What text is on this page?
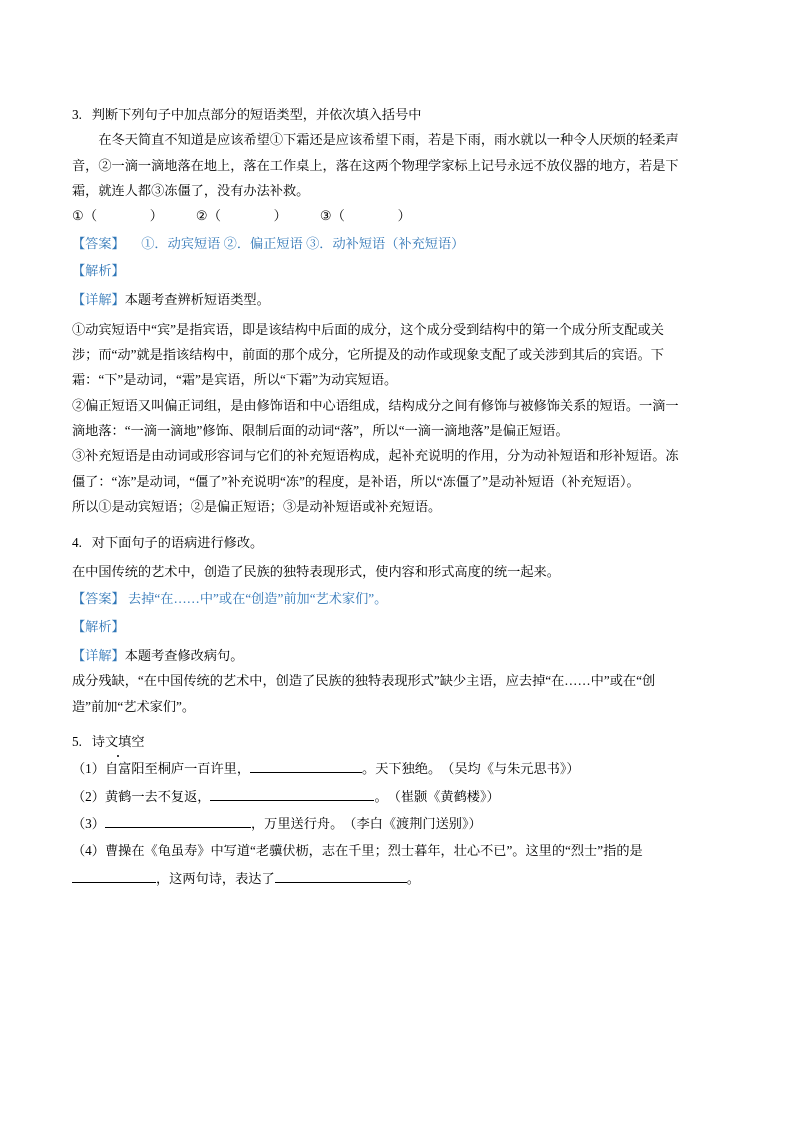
3. 判断下列句子中加点部分的短语类型，并依次填入括号中

在冬天简直不知道是应该希望①下霜还是应该希望下雨，若是下雨，雨水就以一种令人厌烦的轻柔声

音，②一滴一滴地落在地上，落在工作桌上，落在这两个物理学家标上记号永远不放仪器的地方，若是下

霜，就连人都③冻僵了，没有办法补救。

①（                ）          ②（                ）          ③（                ）

【答案】 ①．动宾短语 ②．偏正短语 ③．动补短语（补充短语）

【解析】

【详解】本题考查辨析短语类型。

①动宾短语中“宾”是指宾语，即是该结构中后面的成分，这个成分受到结构中的第一个成分所支配或关

涉；而“动”就是指该结构中，前面的那个成分，它所提及的动作或现象支配了或关涉到其后的宾语。下

霜：“下”是动词，“霜”是宾语，所以“下霜”为动宾短语。

②偏正短语又叫偏正词组，是由修饰语和中心语组成，结构成分之间有修饰与被修饰关系的短语。一滴一

滴地落：“一滴一滴地”修饰、限制后面的动词“落”，所以“一滴一滴地落”是偏正短语。

③补充短语是由动词或形容词与它们的补充短语构成，起补充说明的作用，分为动补短语和形补短语。冻

僵了：“冻”是动词，“僵了”补充说明“冻”的程度，是补语，所以“冻僵了”是动补短语（补充短语）。

所以①是动宾短语；②是偏正短语；③是动补短语或补充短语。

4. 对下面句子的语病进行修改。

在中国传统的艺术中，创造了民族的独特表现形式，使内容和形式高度的统一起来。

【答案】 去掉“在……中”或在“创造”前加“艺术家们”。

【解析】

【详解】本题考查修改病句。

成分残缺，“在中国传统的艺术中，创造了民族的独特表现形式”缺少主语，应去掉“在……中”或在“创

造”前加“艺术家们”。

5. 诗文填空

（1）自富阳至桐庐一百许里，	。天下独绝。　（吴均《与朱元思书》）

（2）黄鹤一去不复返，	。　（崔颢《黄鹤楼》）

（3）	，万里送行舟。　（李白《渡荆门送别》）

（4）曹操在《龟虽寿》中写道“老骥伏枥，志在千里；烈士暮年，壮心不已”。这里的“烈士”指的是

，这两句诗，表达了	。
